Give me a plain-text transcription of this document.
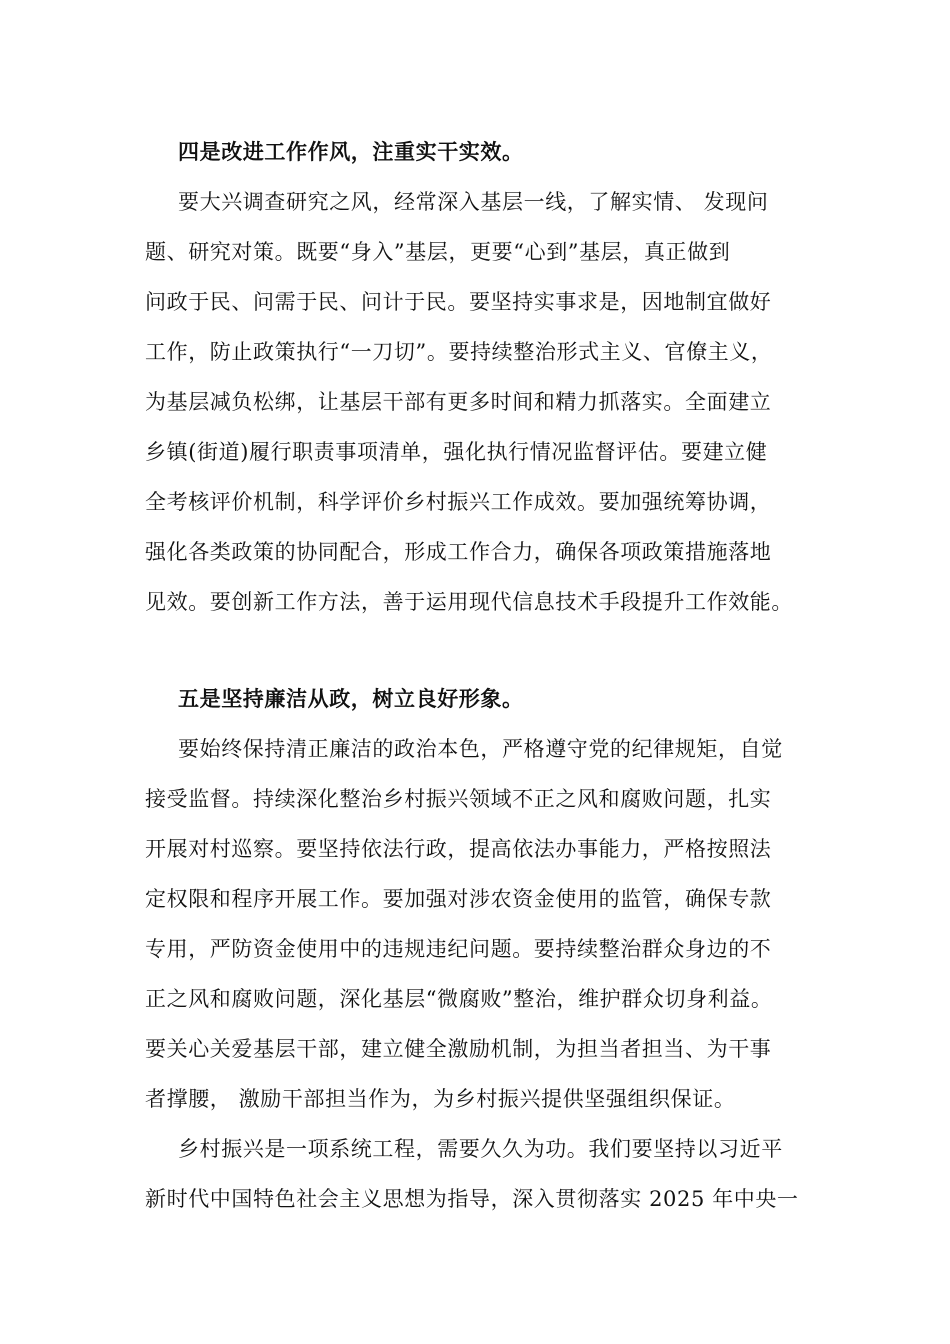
四是改进工作作风，注重实干实效。
要大兴调查研究之风，经常深入基层一线，了解实情、 发现问
题、研究对策。既要“身入”基层，更要“心到”基层，真正做到
问政于民、问需于民、问计于民。要坚持实事求是，因地制宜做好
工作，防止政策执行“一刀切”。要持续整治形式主义、官僚主义，
为基层减负松绑，让基层干部有更多时间和精力抓落实。全面建立
乡镇(街道)履行职责事项清单，强化执行情况监督评估。要建立健
全考核评价机制，科学评价乡村振兴工作成效。要加强统筹协调，
强化各类政策的协同配合，形成工作合力，确保各项政策措施落地
见效。要创新工作方法，善于运用现代信息技术手段提升工作效能。
五是坚持廉洁从政，树立良好形象。
要始终保持清正廉洁的政治本色，严格遵守党的纪律规矩，自觉
接受监督。持续深化整治乡村振兴领域不正之风和腐败问题，扎实
开展对村巡察。要坚持依法行政，提高依法办事能力，严格按照法
定权限和程序开展工作。要加强对涉农资金使用的监管，确保专款
专用，严防资金使用中的违规违纪问题。要持续整治群众身边的不
正之风和腐败问题，深化基层“微腐败”整治，维护群众切身利益。
要关心关爱基层干部，建立健全激励机制，为担当者担当、为干事
者撑腰， 激励干部担当作为，为乡村振兴提供坚强组织保证。
乡村振兴是一项系统工程，需要久久为功。我们要坚持以习近平
新时代中国特色社会主义思想为指导，深入贯彻落实 2025 年中央一
